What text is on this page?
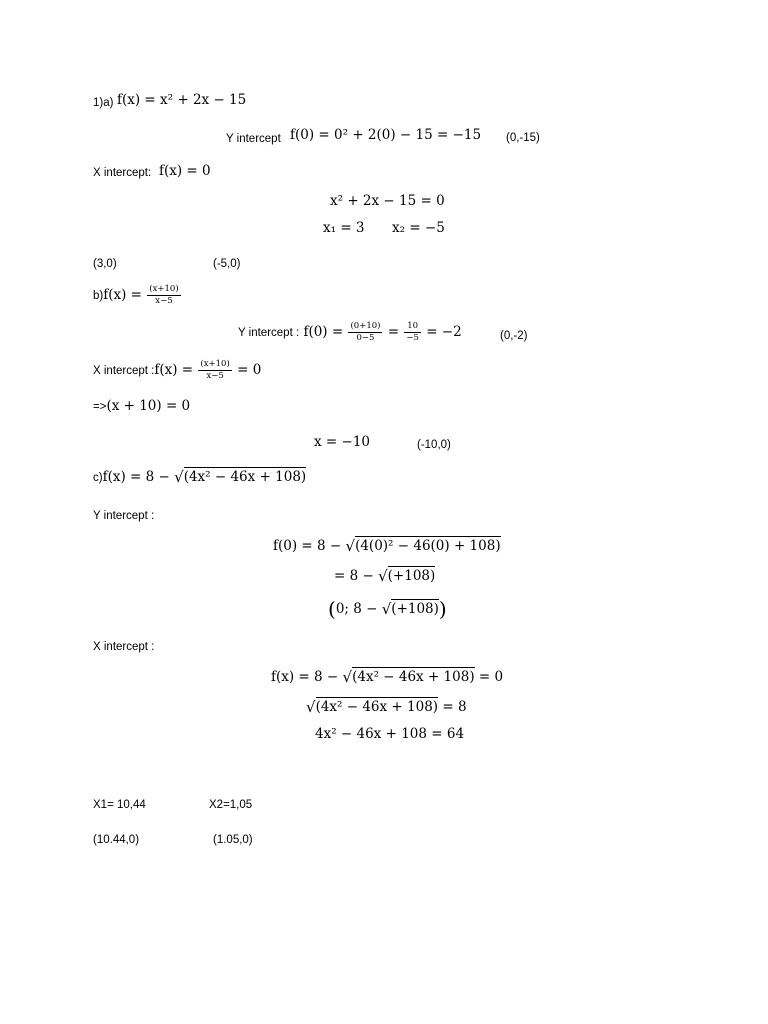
1)a) f(x) = x² + 2x − 15
Y intercept f(0) = 0² + 2(0) − 15 = −15 (0,-15)
X intercept: f(x) = 0
x² + 2x − 15 = 0
x₁ = 3 x₂ = −5
(3,0)	(-5,0)
$b)f(x) = \frac{(x+10)}{x-5}$
Y intercept : $f(0) = \frac{(0+10)}{0-5} = \frac{10}{-5} = -2$	(0,-2)
X intercept :f(x) = $\frac{(x+10)}{x-5} = 0$
=>(x + 10) = 0
x = −10	(-10,0)
c)f(x) = 8 − √(4x² − 46x + 108)
Y intercept :
f(0) = 8 − √(4(0)² − 46(0) + 108)
= 8 − √(+108)
(0; 8 − √(+108))
X intercept :
f(x) = 8 − √(4x² − 46x + 108) = 0
√(4x² − 46x + 108) = 8
4x² − 46x + 108 = 64
X1= 10,44	X2=1,05
(10.44,0)	(1.05,0)
